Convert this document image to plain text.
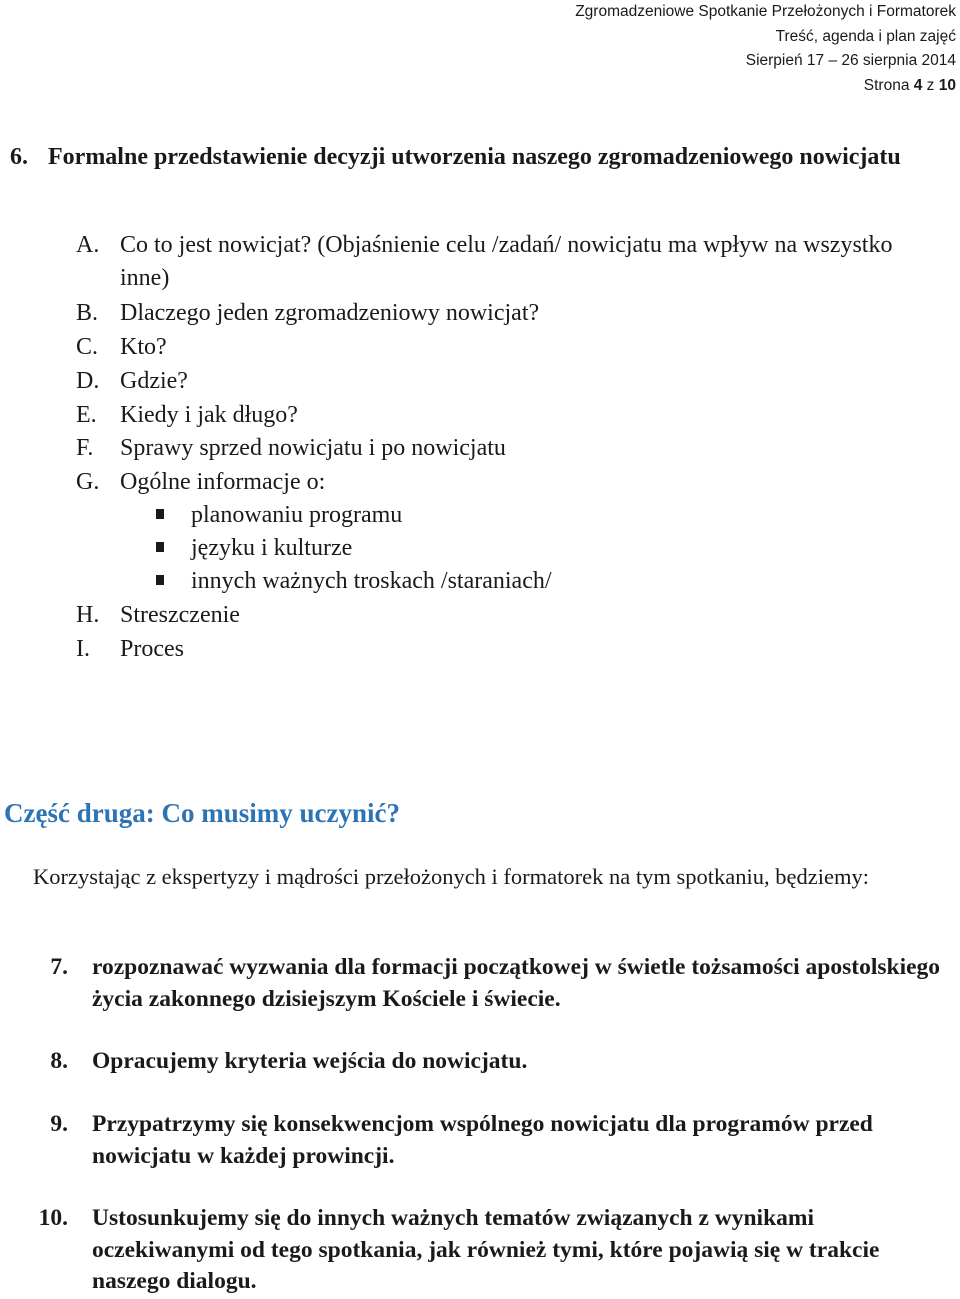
Zgromadzeniowe Spotkanie Przełożonych i Formatorek
Treść, agenda i plan zajęć
Sierpień 17 – 26 sierpnia 2014
Strona 4 z 10
6. Formalne przedstawienie decyzji utworzenia naszego zgromadzeniowego nowicjatu
A. Co to jest nowicjat? (Objaśnienie celu /zadań/ nowicjatu ma wpływ na wszystko inne)
B. Dlaczego jeden zgromadzeniowy nowicjat?
C. Kto?
D. Gdzie?
E. Kiedy i jak długo?
F. Sprawy sprzed nowicjatu i po nowicjatu
G. Ogólne informacje o:
planowaniu programu
języku i kulturze
innych ważnych troskach /staraniach/
H. Streszczenie
I. Proces
Część druga: Co musimy uczynić?
Korzystając z ekspertyzy i mądrości przełożonych i formatorek na tym spotkaniu, będziemy:
7. rozpoznawać wyzwania dla formacji początkowej w świetle tożsamości apostolskiego życia zakonnego dzisiejszym Kościele i świecie.
8. Opracujemy kryteria wejścia do nowicjatu.
9. Przypatrzymy się konsekwencjom wspólnego nowicjatu dla programów przed nowicjatu w każdej prowincji.
10. Ustosunkujemy się do innych ważnych tematów związanych z wynikami oczekiwanymi od tego spotkania, jak również tymi, które pojawią się w trakcie naszego dialogu.
